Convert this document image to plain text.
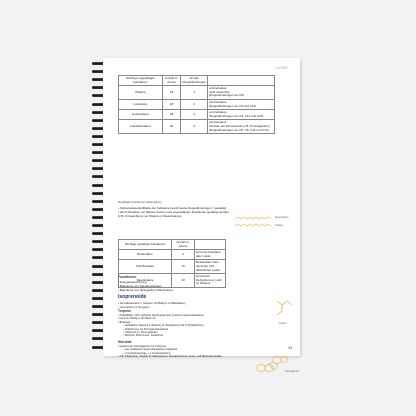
LIPIDE
Wichtige ungesättigte Fettsäuren	Anzahl C-Atome	Anzahl Doppelbindungen	
Ölsäure	18	1	ω9-Fettsäure
nicht essenziell
(Doppelbindungen am C9)
Linolsäure	18	2	ω6-Fettsäure
(Doppelbindungen am C9 und C12)
Linolensäure	18	3	ω3-Fettsäure
(Doppelbindungen am C9, C12 und C15)
Arachidonsäure	20	4	ω6-Fettsäure
Vorstufe der Eicosanoide (z.B. Prostaglandin)
(Doppelbindungen am C5, C8, C11 und C14)
Gesättigte Fettsäuren (Alkansäure)
• Kohlenwasserstoffkette der Fettsäure besitzt keine Doppelbindungen = gesättigt
• durch Reaktion mit Wasser können aus ungesättigten Fettsäuren gesättigt werden (z.B. Umwandlung von Ölsäure in Stearinsäure)	Stearinsäure
Ölsäure
Wichtige gesättigte Fettsäuren	Anzahl C-Atome	
Buttersäure	4	kürzeste Fettsäure aller Lipide
Palmitinsäure	16	Bestandteil vieler tierischer und pflanzlicher Lipide
Stearinsäure	18	wird durch Dehydrierung (-H2) zu Ölsäure
Funktionen
• Energiespeicherung
• Bausteine von Signalmolekülen
• Bausteine von biologischen Membranen
Isoprenoide
• Grundbaustein = Isopren (2-Methyl-1,3-Butadien)
• unterteilt in 2 Gruppen
Isopren
Terpene
• ambefällige, nicht zyklische Isoprenpolymere (mehrere Isoprenbausteine)
• kommen häufig in der Natur vor
• Beispiele:
– fettlösliche Vitamine A (Retinol), E (Tocopherol) und K (Phyllochinon)
– Dolichol (ca. 10-20 Isoprenbausteine)
– Ubichinon (z. Atmungskette)
– Menthol, Pheromone, Kautschuk
Steroide
• besitzen ein Steroidgerüst (17 C-Atome)
– aus zyklisierten Isoprenbausteinen aufgebaut
– 3 Cyclohexanringe + 1 Cyclopentanring
• z.B. Cholesterin, Vitamin D, Gallensäuren, Sexualhormone, Gluco- und Mineralcorticoide
Steroidgerüst
43
